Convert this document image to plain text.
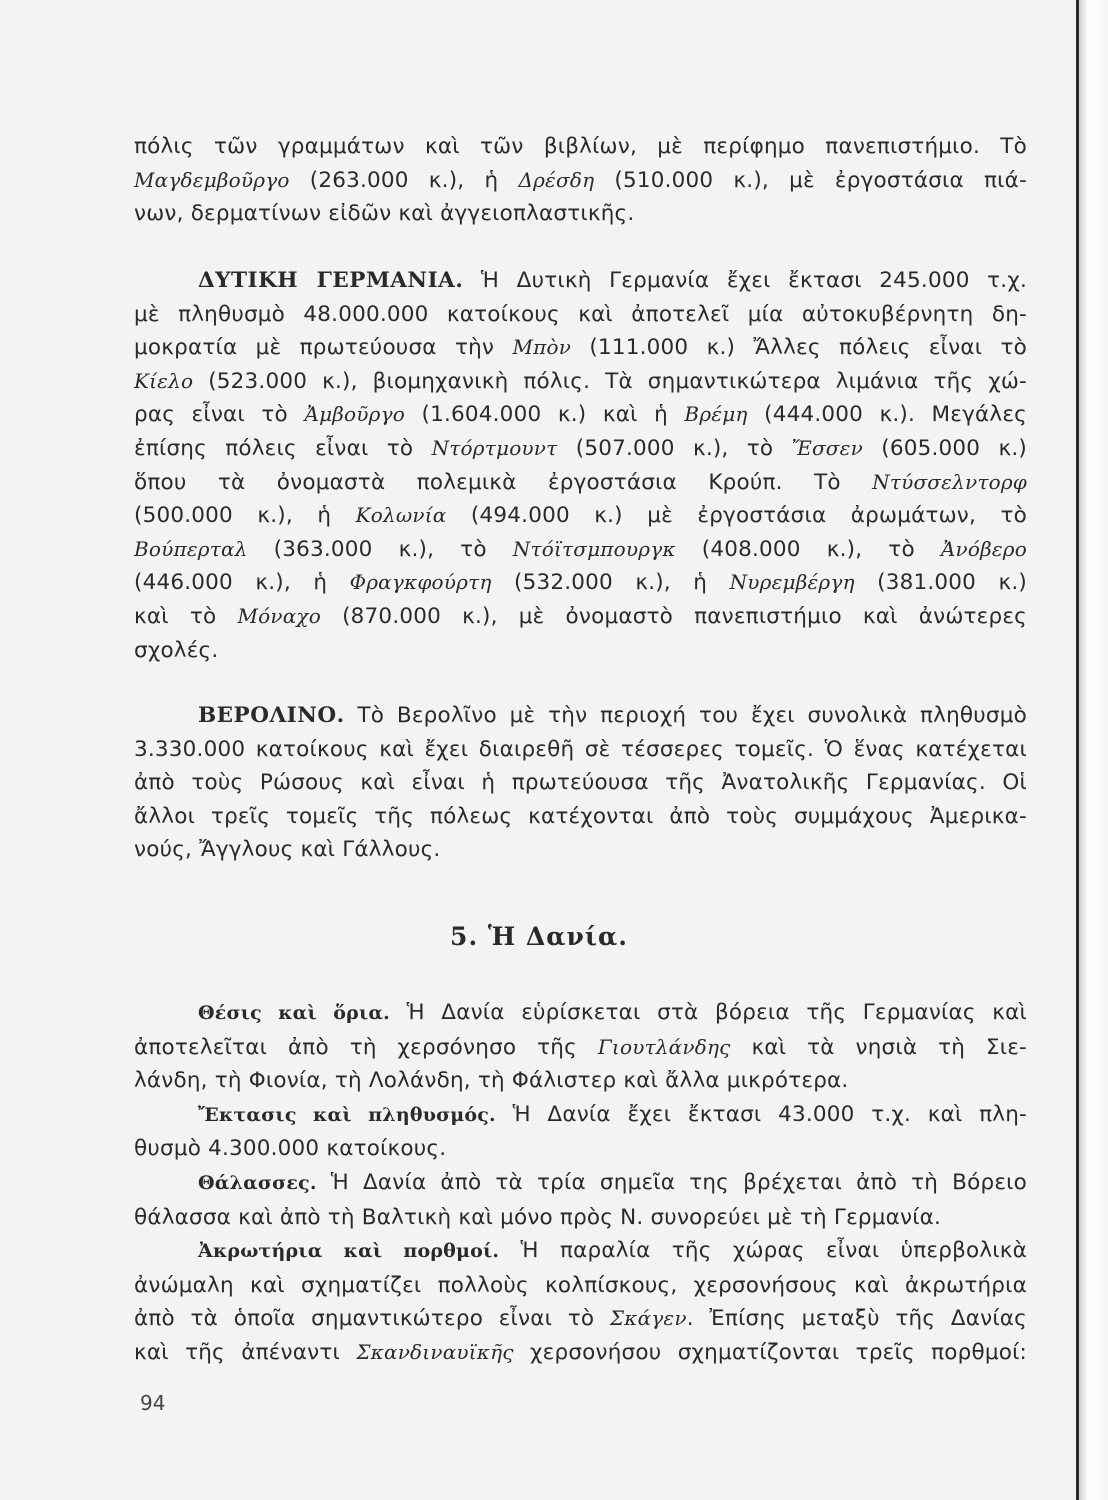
πόλις τῶν γραμμάτων καὶ τῶν βιβλίων, μὲ περίφημο πανεπιστήμιο. Τὸ
Μαγδεμβοῦργο (263.000 κ.), ἡ Δρέσδη (510.000 κ.), μὲ ἐργοστάσια πιά-
νων, δερματίνων εἰδῶν καὶ ἀγγειοπλαστικῆς.
ΔΥΤΙΚΗ ΓΕΡΜΑΝΙΑ. Ἡ Δυτικὴ Γερμανία ἔχει ἔκτασι 245.000 τ.χ.
μὲ πληθυσμὸ 48.000.000 κατοίκους καὶ ἀποτελεῖ μία αὐτοκυβέρνητη δη-
μοκρατία μὲ πρωτεύουσα τὴν Μπὸν (111.000 κ.) Ἄλλες πόλεις εἶναι τὸ
Κίελο (523.000 κ.), βιομηχανικὴ πόλις. Τὰ σημαντικώτερα λιμάνια τῆς χώ-
ρας εἶναι τὸ Ἀμβοῦργο (1.604.000 κ.) καὶ ἡ Βρέμη (444.000 κ.). Μεγάλες
ἐπίσης πόλεις εἶναι τὸ Ντόρτμουντ (507.000 κ.), τὸ Ἔσσεν (605.000 κ.)
ὅπου τὰ ὀνομαστὰ πολεμικὰ ἐργοστάσια Κρούπ. Τὸ Ντύσσελντορφ
(500.000 κ.), ἡ Κολωνία (494.000 κ.) μὲ ἐργοστάσια ἀρωμάτων, τὸ
Βούπερταλ (363.000 κ.), τὸ Ντόϊτσμπουργκ (408.000 κ.), τὸ Ἀνόβερο
(446.000 κ.), ἡ Φραγκφούρτη (532.000 κ.), ἡ Νυρεμβέργη (381.000 κ.)
καὶ τὸ Μόναχο (870.000 κ.), μὲ ὀνομαστὸ πανεπιστήμιο καὶ ἀνώτερες
σχολές.
ΒΕΡΟΛΙΝΟ. Τὸ Βερολῖνο μὲ τὴν περιοχή του ἔχει συνολικὰ πληθυσμὸ
3.330.000 κατοίκους καὶ ἔχει διαιρεθῆ σὲ τέσσερες τομεῖς. Ὁ ἕνας κατέχεται
ἀπὸ τοὺς Ρώσους καὶ εἶναι ἡ πρωτεύουσα τῆς Ἀνατολικῆς Γερμανίας. Οἱ
ἄλλοι τρεῖς τομεῖς τῆς πόλεως κατέχονται ἀπὸ τοὺς συμμάχους Ἀμερικα-
νούς, Ἄγγλους καὶ Γάλλους.
5. Ἡ Δανία.
Θέσις καὶ ὅρια. Ἡ Δανία εὑρίσκεται στὰ βόρεια τῆς Γερμανίας καὶ
ἀποτελεῖται ἀπὸ τὴ χερσόνησο τῆς Γιουτλάνδης καὶ τὰ νησιὰ τὴ Σιε-
λάνδη, τὴ Φιονία, τὴ Λολάνδη, τὴ Φάλιστερ καὶ ἄλλα μικρότερα.
Ἔκτασις καὶ πληθυσμός. Ἡ Δανία ἔχει ἔκτασι 43.000 τ.χ. καὶ πλη-
θυσμὸ 4.300.000 κατοίκους.
Θάλασσες. Ἡ Δανία ἀπὸ τὰ τρία σημεῖα της βρέχεται ἀπὸ τὴ Βόρειο
θάλασσα καὶ ἀπὸ τὴ Βαλτικὴ καὶ μόνο πρὸς Ν. συνορεύει μὲ τὴ Γερμανία.
Ἀκρωτήρια καὶ πορθμοί. Ἡ παραλία τῆς χώρας εἶναι ὑπερβολικὰ
ἀνώμαλη καὶ σχηματίζει πολλοὺς κολπίσκους, χερσονήσους καὶ ἀκρωτήρια
ἀπὸ τὰ ὁποῖα σημαντικώτερο εἶναι τὸ Σκάγεν. Ἐπίσης μεταξὺ τῆς Δανίας
καὶ τῆς ἀπέναντι Σκανδιναυϊκῆς χερσονήσου σχηματίζονται τρεῖς πορθμοί:
94
